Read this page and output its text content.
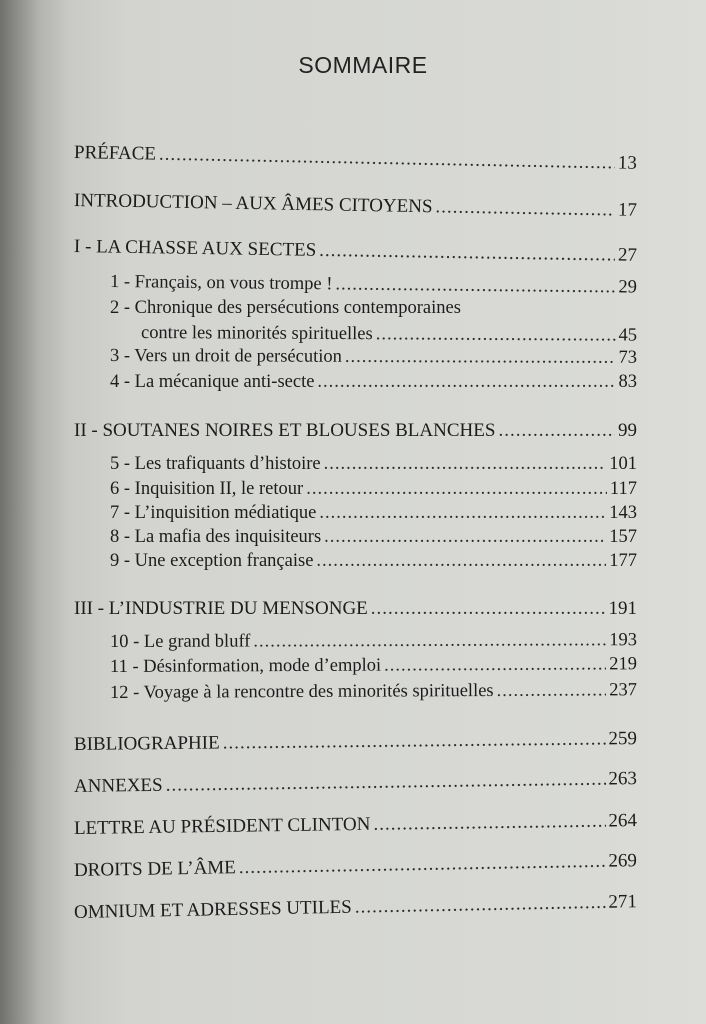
SOMMAIRE
PRÉFACE .....	13
INTRODUCTION – AUX ÂMES CITOYENS .....	17
I - LA CHASSE AUX SECTES .....	27
1 - Français, on vous trompe ! .....	29
2 - Chronique des persécutions contemporaines
contre les minorités spirituelles .....	45
3 - Vers un droit de persécution .....	73
4 - La mécanique anti-secte .....	83
II - SOUTANES NOIRES ET BLOUSES BLANCHES .....	99
5 - Les trafiquants d’histoire .....	101
6 - Inquisition II, le retour .....	117
7 - L’inquisition médiatique .....	143
8 - La mafia des inquisiteurs .....	157
9 - Une exception française .....	177
III - L’INDUSTRIE DU MENSONGE .....	191
10 - Le grand bluff .....	193
11 - Désinformation, mode d’emploi .....	219
12 - Voyage à la rencontre des minorités spirituelles .....	237
BIBLIOGRAPHIE .....	259
ANNEXES .....	263
LETTRE AU PRÉSIDENT CLINTON .....	264
DROITS DE L’ÂME .....	269
OMNIUM ET ADRESSES UTILES .....	271
